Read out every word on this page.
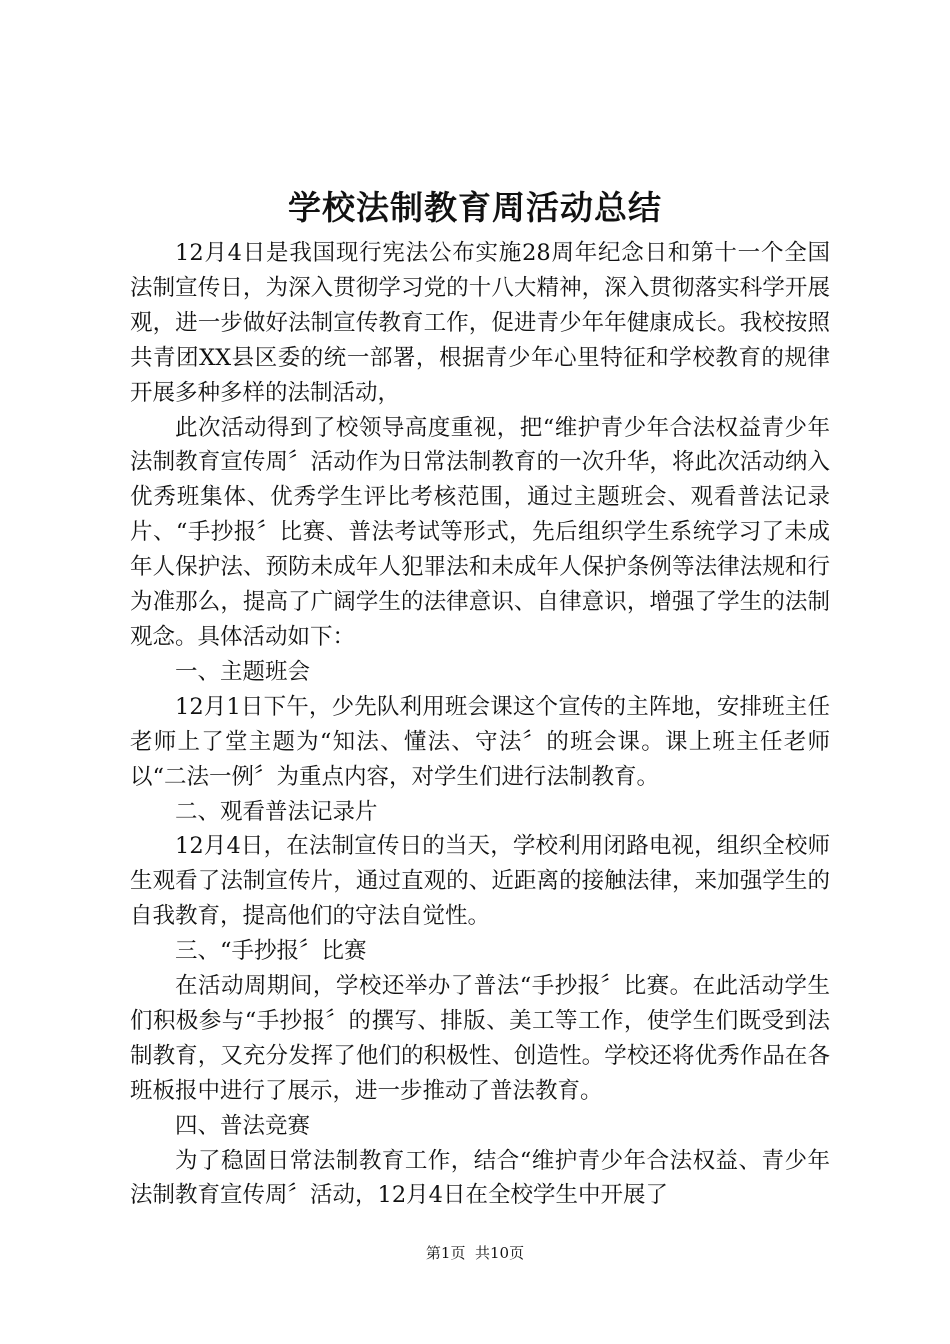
学校法制教育周活动总结

12月4日是我国现行宪法公布实施28周年纪念日和第十一个全国法制宣传日，为深入贯彻学习党的十八大精神，深入贯彻落实科学开展观，进一步做好法制宣传教育工作，促进青少年年健康成长。我校按照共青团XX县区委的统一部署，根据青少年心里特征和学校教育的规律开展多种多样的法制活动，

此次活动得到了校领导高度重视，把“维护青少年合法权益青少年法制教育宣传周〞活动作为日常法制教育的一次升华，将此次活动纳入优秀班集体、优秀学生评比考核范围，通过主题班会、观看普法记录片、“手抄报〞比赛、普法考试等形式，先后组织学生系统学习了未成年人保护法、预防未成年人犯罪法和未成年人保护条例等法律法规和行为准那么，提高了广阔学生的法律意识、自律意识，增强了学生的法制观念。具体活动如下：

一、主题班会

12月1日下午，少先队利用班会课这个宣传的主阵地，安排班主任老师上了堂主题为“知法、懂法、守法〞的班会课。课上班主任老师以“二法一例〞为重点内容，对学生们进行法制教育。

二、观看普法记录片

12月4日，在法制宣传日的当天，学校利用闭路电视，组织全校师生观看了法制宣传片，通过直观的、近距离的接触法律，来加强学生的自我教育，提高他们的守法自觉性。

三、“手抄报〞比赛

在活动周期间，学校还举办了普法“手抄报〞比赛。在此活动学生们积极参与“手抄报〞的撰写、排版、美工等工作，使学生们既受到法制教育，又充分发挥了他们的积极性、创造性。学校还将优秀作品在各班板报中进行了展示，进一步推动了普法教育。

四、普法竞赛

为了稳固日常法制教育工作，结合“维护青少年合法权益、青少年法制教育宣传周〞活动，12月4日在全校学生中开展了

第1页 共10页
